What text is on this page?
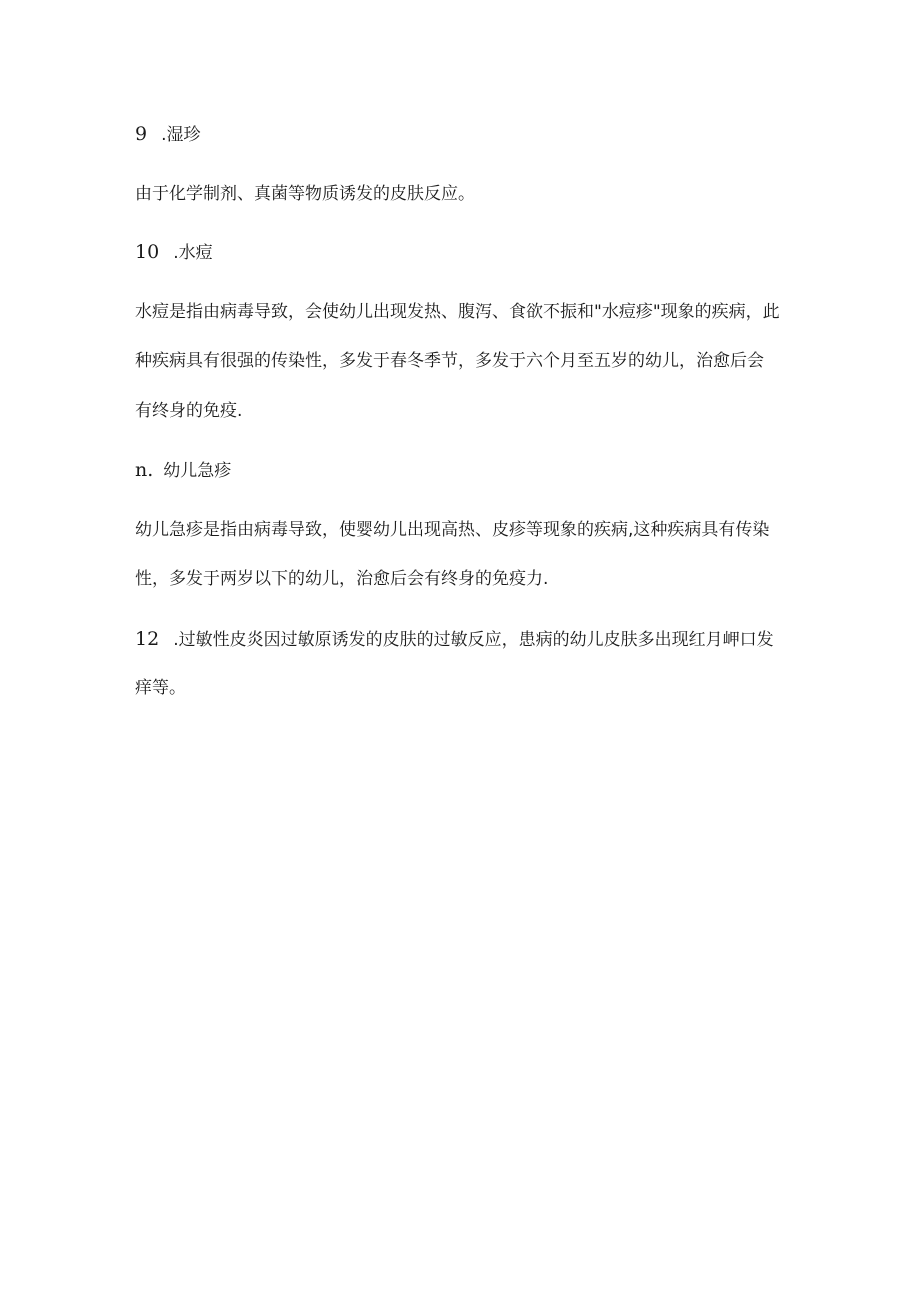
9 .湿珍
由于化学制剂、真菌等物质诱发的皮肤反应。
10 .水痘
水痘是指由病毒导致，会使幼儿出现发热、腹泻、食欲不振和"水痘疹"现象的疾病，此
种疾病具有很强的传染性，多发于春冬季节，多发于六个月至五岁的幼儿，治愈后会
有终身的免疫.
n. 幼儿急疹
幼儿急疹是指由病毒导致，使婴幼儿出现高热、皮疹等现象的疾病,这种疾病具有传染
性，多发于两岁以下的幼儿，治愈后会有终身的免疫力.
12 .过敏性皮炎因过敏原诱发的皮肤的过敏反应，患病的幼儿皮肤多出现红月岬口发
痒等。
